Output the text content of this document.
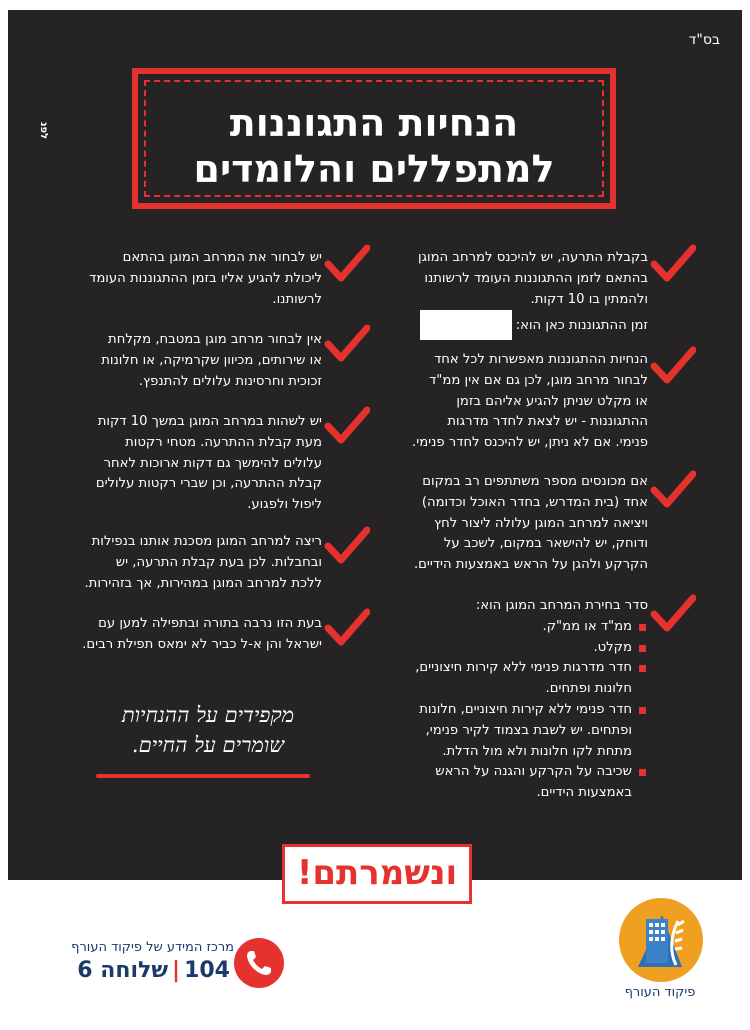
בס"ד
לפנ	הנחיות התגוננות
למתפללים והלומדים
בקבלת התרעה, יש להיכנס למרחב המוגן
בהתאם לזמן ההתגוננות העומד לרשותנו
ולהמתין בו 10 דקות.
זמן ההתגוננות כאן הוא:
הנחיות ההתגוננות מאפשרות לכל אחד
לבחור מרחב מוגן, לכן גם אם אין ממ"ד
או מקלט שניתן להגיע אליהם בזמן
ההתגוננות - יש לצאת לחדר מדרגות
פנימי. אם לא ניתן, יש להיכנס לחדר פנימי.
אם מכונסים מספר משתתפים רב במקום
אחד (בית המדרש, בחדר האוכל וכדומה)
ויציאה למרחב המוגן עלולה ליצור לחץ
ודוחק, יש להישאר במקום, לשכב על
הקרקע ולהגן על הראש באמצעות הידיים.
סדר בחירת המרחב המוגן הוא:
ממ"ד או ממ"ק.
מקלט.
חדר מדרגות פנימי ללא קירות חיצוניים,
חלונות ופתחים.
חדר פנימי ללא קירות חיצוניים, חלונות
ופתחים. יש לשבת בצמוד לקיר פנימי,
מתחת לקו חלונות ולא מול הדלת.
שכיבה על הקרקע והגנה על הראש
באמצעות הידיים.
יש לבחור את המרחב המוגן בהתאם
ליכולת להגיע אליו בזמן ההתגוננות העומד
לרשותנו.
אין לבחור מרחב מוגן במטבח, מקלחת
או שירותים, מכיוון שקרמיקה, או חלונות
זכוכית וחרסינות עלולים להתנפץ.
יש לשהות במרחב המוגן במשך 10 דקות
מעת קבלת ההתרעה. מטחי רקטות
עלולים להימשך גם דקות ארוכות לאחר
קבלת ההתרעה, וכן שברי רקטות עלולים
ליפול ולפגוע.
ריצה למרחב המוגן מסכנת אותנו בנפילות
ובחבלות. לכן בעת קבלת התרעה, יש
ללכת למרחב המוגן במהירות, אך בזהירות.
בעת הזו נרבה בתורה ובתפילה למען עם
ישראל והן א-ל כביר לא ימאס תפילת רבים.
מקפידים על ההנחיות
שומרים על החיים.
ונשמרתם!
מרכז המידע של פיקוד העורף
104|שלוחה 6
פיקוד העורף
